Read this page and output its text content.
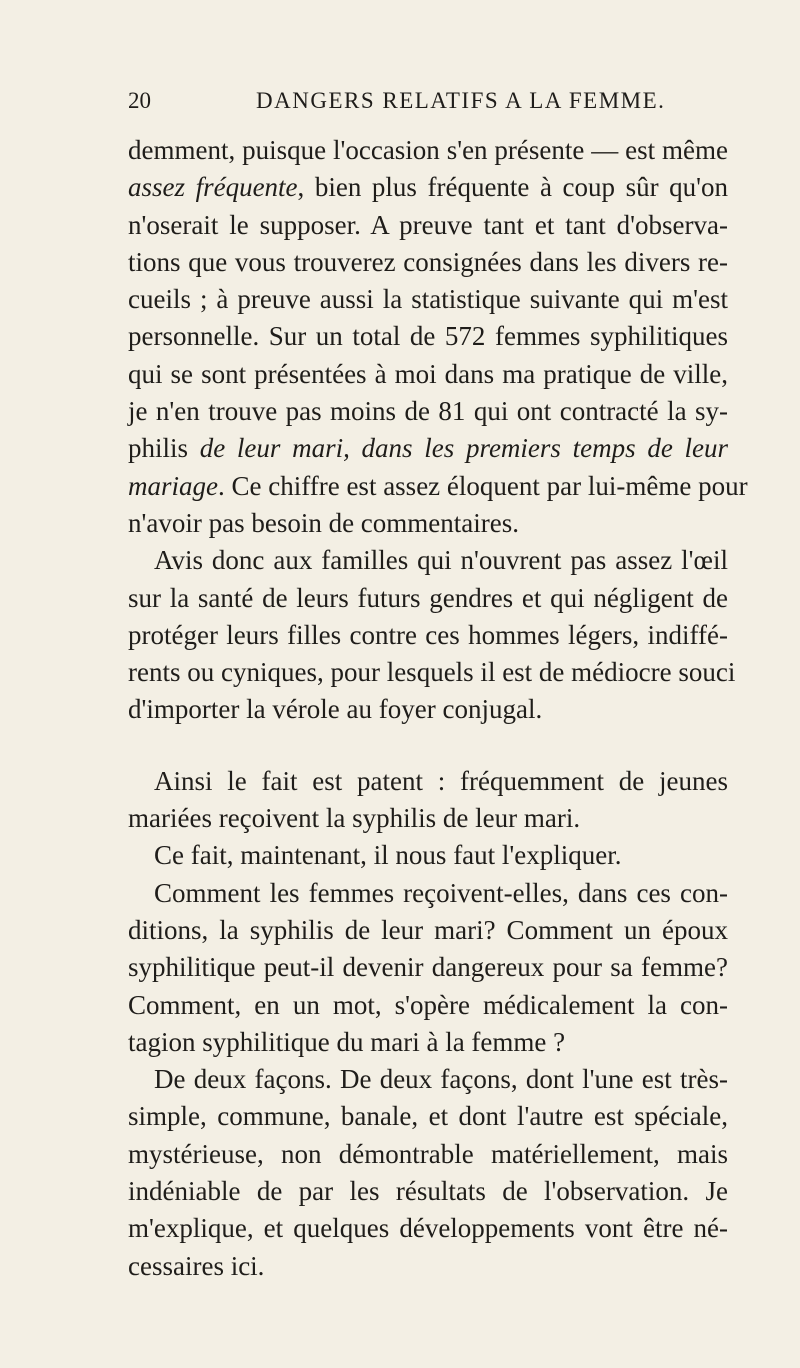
20	DANGERS RELATIFS A LA FEMME.
demment, puisque l'occasion s'en présente — est même
assez fréquente, bien plus fréquente à coup sûr qu'on
n'oserait le supposer. A preuve tant et tant d'observa-
tions que vous trouverez consignées dans les divers re-
cueils ; à preuve aussi la statistique suivante qui m'est
personnelle. Sur un total de 572 femmes syphilitiques
qui se sont présentées à moi dans ma pratique de ville,
je n'en trouve pas moins de 81 qui ont contracté la sy-
philis de leur mari, dans les premiers temps de leur
mariage. Ce chiffre est assez éloquent par lui-même pour
n'avoir pas besoin de commentaires.
Avis donc aux familles qui n'ouvrent pas assez l'œil
sur la santé de leurs futurs gendres et qui négligent de
protéger leurs filles contre ces hommes légers, indiffé-
rents ou cyniques, pour lesquels il est de médiocre souci
d'importer la vérole au foyer conjugal.
Ainsi le fait est patent : fréquemment de jeunes
mariées reçoivent la syphilis de leur mari.
Ce fait, maintenant, il nous faut l'expliquer.
Comment les femmes reçoivent-elles, dans ces con-
ditions, la syphilis de leur mari? Comment un époux
syphilitique peut-il devenir dangereux pour sa femme?
Comment, en un mot, s'opère médicalement la con-
tagion syphilitique du mari à la femme ?
De deux façons. De deux façons, dont l'une est très-
simple, commune, banale, et dont l'autre est spéciale,
mystérieuse, non démontrable matériellement, mais
indéniable de par les résultats de l'observation. Je
m'explique, et quelques développements vont être né-
cessaires ici.
